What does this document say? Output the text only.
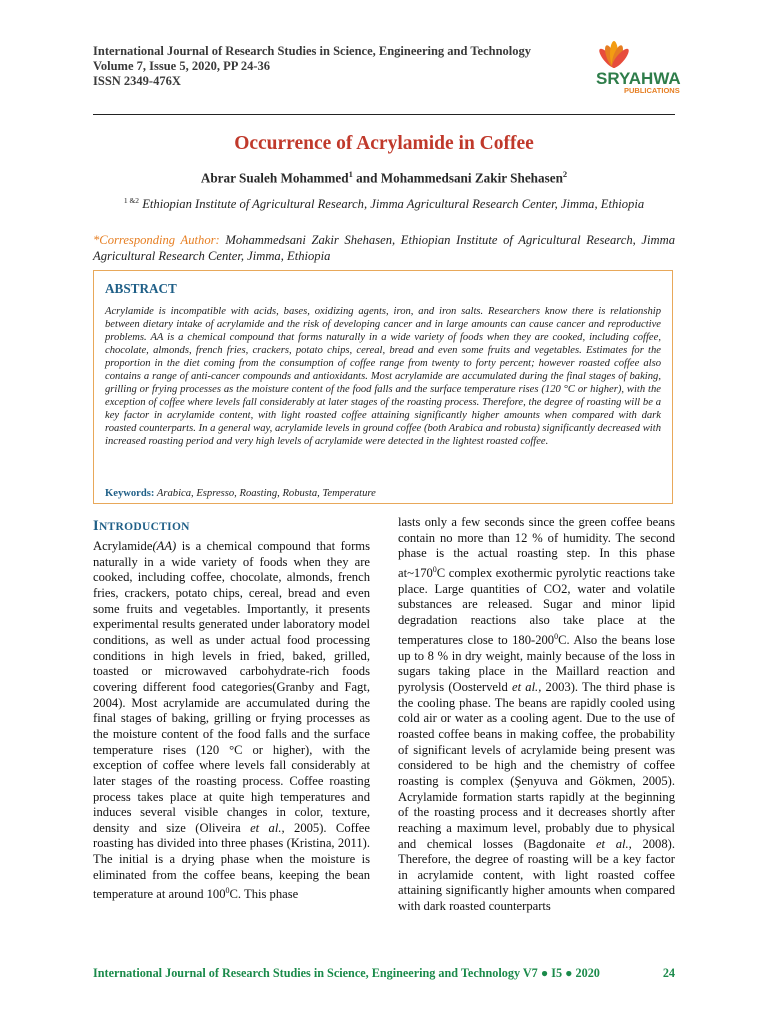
International Journal of Research Studies in Science, Engineering and Technology
Volume 7, Issue 5, 2020, PP 24-36
ISSN 2349-476X	SRYAHWA
PUBLICATIONS
Occurrence of Acrylamide in Coffee
Abrar Sualeh Mohammed$^1$ and Mohammedsani Zakir Shehasen$^2$
$^{1 \&2}$ Ethiopian Institute of Agricultural Research, Jimma Agricultural Research Center, Jimma, Ethiopia
*Corresponding Author: Mohammedsani Zakir Shehasen, Ethiopian Institute of Agricultural Research, Jimma Agricultural Research Center, Jimma, Ethiopia
ABSTRACT
Acrylamide is incompatible with acids, bases, oxidizing agents, iron, and iron salts. Researchers know there is relationship between dietary intake of acrylamide and the risk of developing cancer and in large amounts can cause cancer and reproductive problems. AA is a chemical compound that forms naturally in a wide variety of foods when they are cooked, including coffee, chocolate, almonds, french fries, crackers, potato chips, cereal, bread and even some fruits and vegetables. Estimates for the proportion in the diet coming from the consumption of coffee range from twenty to forty percent; however roasted coffee also contains a range of anti-cancer compounds and antioxidants. Most acrylamide are accumulated during the final stages of baking, grilling or frying processes as the moisture content of the food falls and the surface temperature rises (120 °C or higher), with the exception of coffee where levels fall considerably at later stages of the roasting process. Therefore, the degree of roasting will be a key factor in acrylamide content, with light roasted coffee attaining significantly higher amounts when compared with dark roasted counterparts. In a general way, acrylamide levels in ground coffee (both Arabica and robusta) significantly decreased with increased roasting period and very high levels of acrylamide were detected in the lightest roasted coffee.
Keywords: Arabica, Espresso, Roasting, Robusta, Temperature
INTRODUCTION
Acrylamide(AA) is a chemical compound that forms naturally in a wide variety of foods when they are cooked, including coffee, chocolate, almonds, french fries, crackers, potato chips, cereal, bread and even some fruits and vegetables. Importantly, it presents experimental results generated under laboratory model conditions, as well as under actual food processing conditions in high levels in fried, baked, grilled, toasted or microwaved carbohydrate-rich foods covering different food categories(Granby and Fagt, 2004). Most acrylamide are accumulated during the final stages of baking, grilling or frying processes as the moisture content of the food falls and the surface temperature rises (120 °C or higher), with the exception of coffee where levels fall considerably at later stages of the roasting process. Coffee roasting process takes place at quite high temperatures and induces several visible changes in color, texture, density and size (Oliveira et al., 2005). Coffee roasting has divided into three phases (Kristina, 2011). The initial is a drying phase when the moisture is eliminated from the coffee beans, keeping the bean temperature at around $100^0C$. This phase
lasts only a few seconds since the green coffee beans contain no more than 12 % of humidity. The second phase is the actual roasting step. In this phase $at\sim 170^0C$ complex exothermic pyrolytic reactions take place. Large quantities of CO2, water and volatile substances are released. Sugar and minor lipid degradation reactions also take place at the temperatures close to $180-200^0C$. Also the beans lose up to 8 % in dry weight, mainly because of the loss in sugars taking place in the Maillard reaction and pyrolysis (Oosterveld et al., 2003). The third phase is the cooling phase. The beans are rapidly cooled using cold air or water as a cooling agent. Due to the use of roasted coffee beans in making coffee, the probability of significant levels of acrylamide being present was considered to be high and the chemistry of coffee roasting is complex (Şenyuva and Gökmen, 2005). Acrylamide formation starts rapidly at the beginning of the roasting process and it decreases shortly after reaching a maximum level, probably due to physical and chemical losses (Bagdonaite et al., 2008). Therefore, the degree of roasting will be a key factor in acrylamide content, with light roasted coffee attaining significantly higher amounts when compared with dark roasted counterparts
International Journal of Research Studies in Science, Engineering and Technology V7 ● I5 ● 2020	24
